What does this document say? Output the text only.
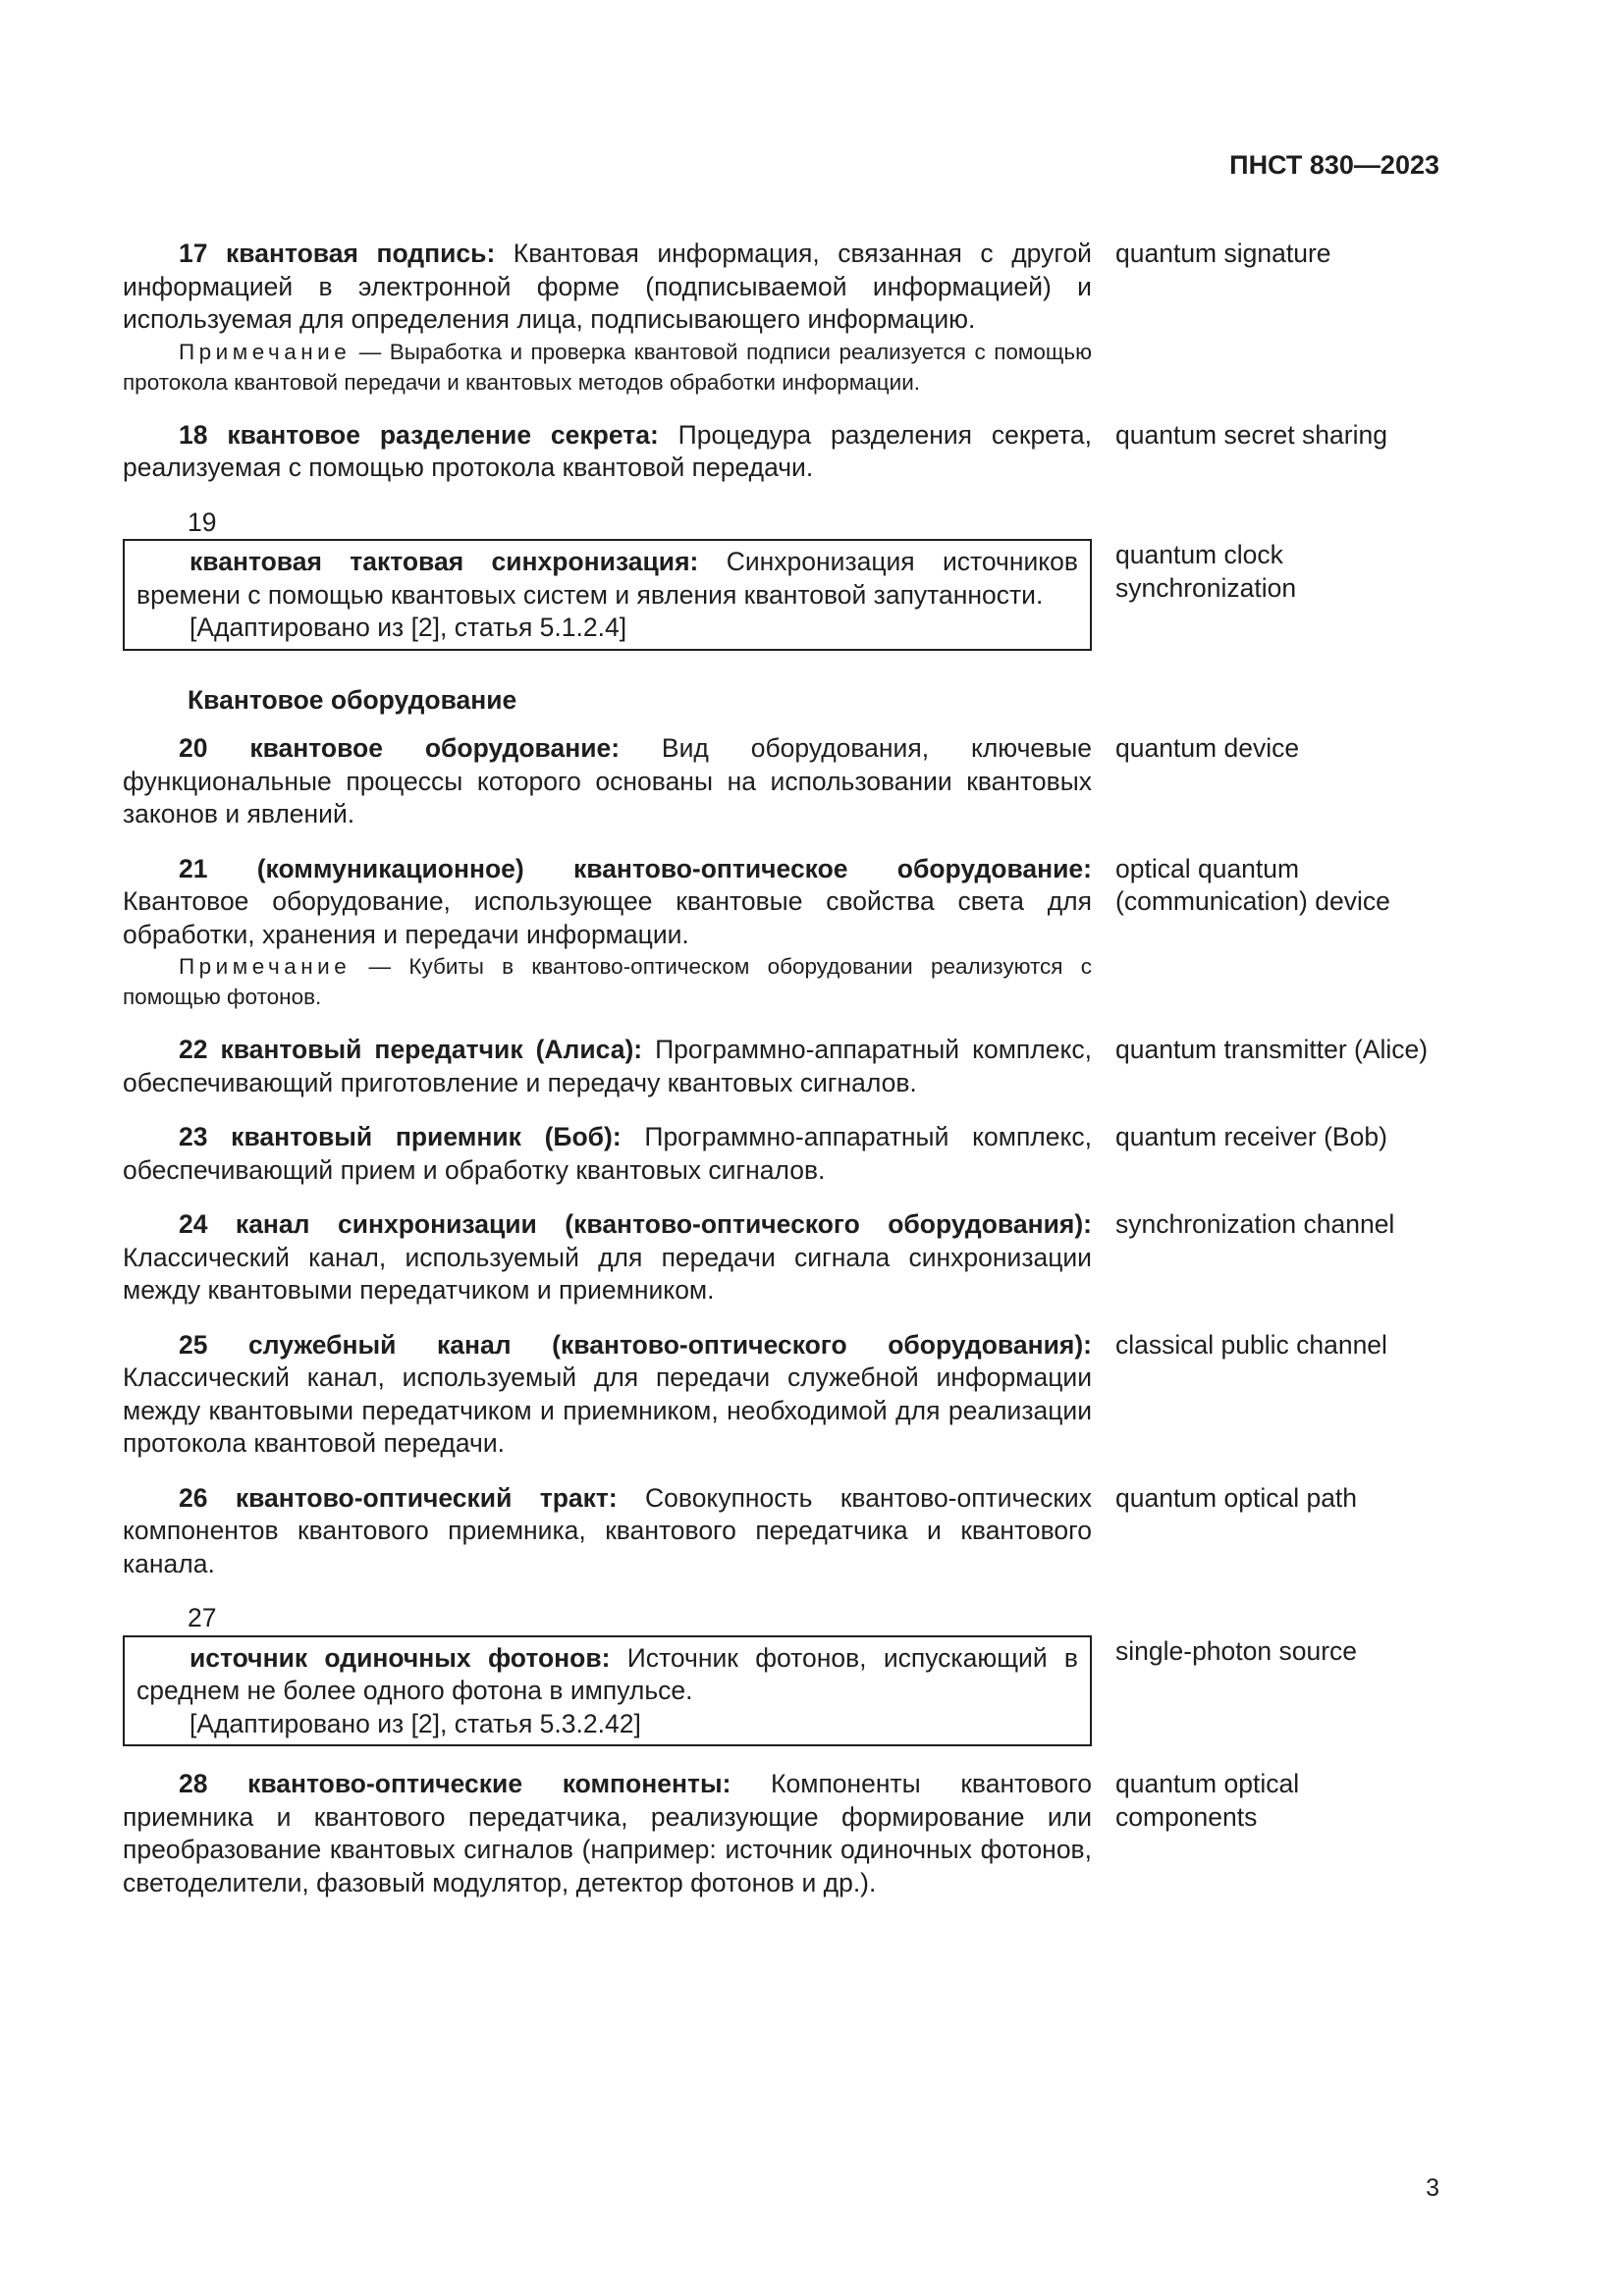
ПНСТ 830—2023

17 квантовая подпись: Квантовая информация, связанная с другой информацией в электронной форме (подписываемой информацией) и используемая для определения лица, подписывающего информацию.

Примечание — Выработка и проверка квантовой подписи реализуется с помощью протокола квантовой передачи и квантовых методов обработки информации.

quantum signature

18 квантовое разделение секрета: Процедура разделения секрета, реализуемая с помощью протокола квантовой передачи.

quantum secret sharing
19

квантовая тактовая синхронизация: Синхронизация источников времени с помощью квантовых систем и явления квантовой запутанности.

[Адаптировано из [2], статья 5.1.2.4]

quantum clock synchronization
Квантовое оборудование

20 квантовое оборудование: Вид оборудования, ключевые функциональные процессы которого основаны на использовании квантовых законов и явлений.

quantum device

21 (коммуникационное) квантово-оптическое оборудование: Квантовое оборудование, использующее квантовые свойства света для обработки, хранения и передачи информации.

Примечание — Кубиты в квантово-оптическом оборудовании реализуются с помощью фотонов.

optical quantum (communication) device

22 квантовый передатчик (Алиса): Программно-аппаратный комплекс, обеспечивающий приготовление и передачу квантовых сигналов.

quantum transmitter (Alice)

23 квантовый приемник (Боб): Программно-аппаратный комплекс, обеспечивающий прием и обработку квантовых сигналов.

quantum receiver (Bob)

24 канал синхронизации (квантово-оптического оборудования): Классический канал, используемый для передачи сигнала синхронизации между квантовыми передатчиком и приемником.

synchronization channel

25 служебный канал (квантово-оптического оборудования): Классический канал, используемый для передачи служебной информации между квантовыми передатчиком и приемником, необходимой для реализации протокола квантовой передачи.

classical public channel

26 квантово-оптический тракт: Совокупность квантово-оптических компонентов квантового приемника, квантового передатчика и квантового канала.

quantum optical path
27

источник одиночных фотонов: Источник фотонов, испускающий в среднем не более одного фотона в импульсе.

[Адаптировано из [2], статья 5.3.2.42]

single-photon source

28 квантово-оптические компоненты: Компоненты квантового приемника и квантового передатчика, реализующие формирование или преобразование квантовых сигналов (например: источник одиночных фотонов, светоделители, фазовый модулятор, детектор фотонов и др.).

quantum optical components
3
